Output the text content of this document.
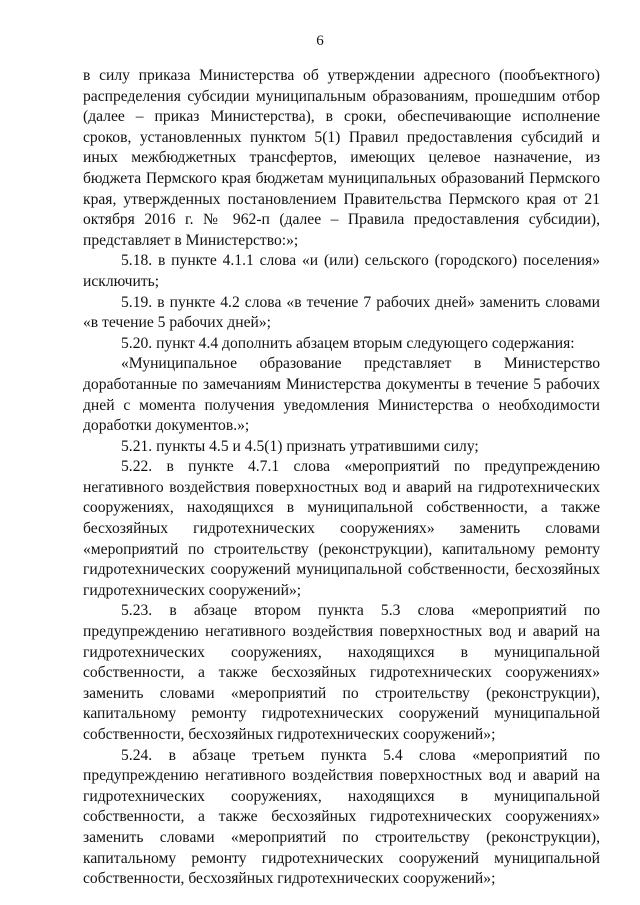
6

в силу приказа Министерства об утверждении адресного (пообъектного) распределения субсидии муниципальным образованиям, прошедшим отбор (далее – приказ Министерства), в сроки, обеспечивающие исполнение сроков, установленных пунктом 5(1) Правил предоставления субсидий и иных межбюджетных трансфертов, имеющих целевое назначение, из бюджета Пермского края бюджетам муниципальных образований Пермского края, утвержденных постановлением Правительства Пермского края от 21 октября 2016 г. № 962-п (далее – Правила предоставления субсидии), представляет в Министерство:»;

5.18. в пункте 4.1.1 слова «и (или) сельского (городского) поселения» исключить;

5.19. в пункте 4.2 слова «в течение 7 рабочих дней» заменить словами «в течение 5 рабочих дней»;

5.20. пункт 4.4 дополнить абзацем вторым следующего содержания:

«Муниципальное образование представляет в Министерство доработанные по замечаниям Министерства документы в течение 5 рабочих дней с момента получения уведомления Министерства о необходимости доработки документов.»;

5.21. пункты 4.5 и 4.5(1) признать утратившими силу;

5.22. в пункте 4.7.1 слова «мероприятий по предупреждению негативного воздействия поверхностных вод и аварий на гидротехнических сооружениях, находящихся в муниципальной собственности, а также бесхозяйных гидротехнических сооружениях» заменить словами «мероприятий по строительству (реконструкции), капитальному ремонту гидротехнических сооружений муниципальной собственности, бесхозяйных гидротехнических сооружений»;

5.23. в абзаце втором пункта 5.3 слова «мероприятий по предупреждению негативного воздействия поверхностных вод и аварий на гидротехнических сооружениях, находящихся в муниципальной собственности, а также бесхозяйных гидротехнических сооружениях» заменить словами «мероприятий по строительству (реконструкции), капитальному ремонту гидротехнических сооружений муниципальной собственности, бесхозяйных гидротехнических сооружений»;

5.24. в абзаце третьем пункта 5.4 слова «мероприятий по предупреждению негативного воздействия поверхностных вод и аварий на гидротехнических сооружениях, находящихся в муниципальной собственности, а также бесхозяйных гидротехнических сооружениях» заменить словами «мероприятий по строительству (реконструкции), капитальному ремонту гидротехнических сооружений муниципальной собственности, бесхозяйных гидротехнических сооружений»;
